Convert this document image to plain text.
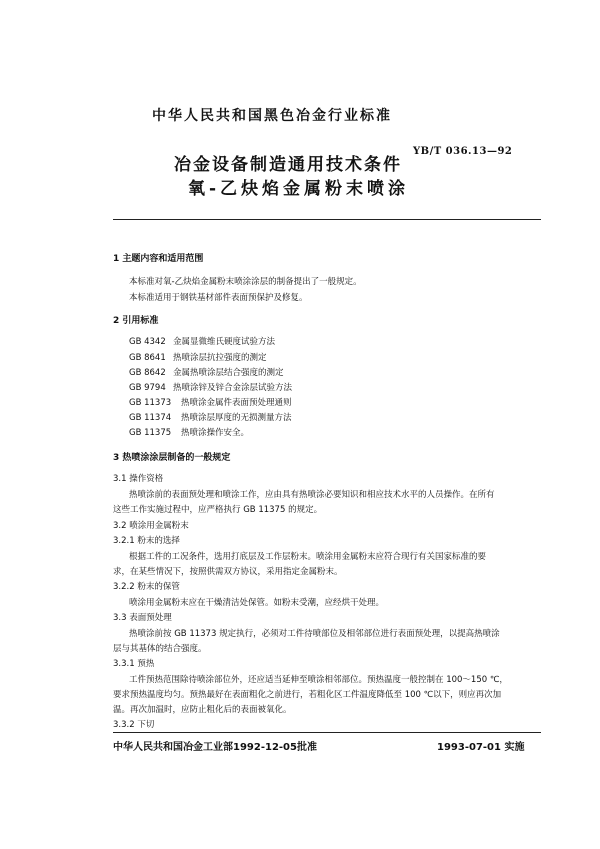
中华人民共和国黑色冶金行业标准
冶金设备制造通用技术条件
氧-乙炔焰金属粉末喷涂
YB/T 036.13—92
1 主题内容和适用范围
本标准对氧-乙炔焰金属粉末喷涂涂层的制备提出了一般规定。
本标准适用于钢铁基材部件表面预保护及修复。
2 引用标准
GB 4342 金属显微维氏硬度试验方法
GB 8641 热喷涂层抗拉强度的测定
GB 8642 金属热喷涂层结合强度的测定
GB 9794 热喷涂锌及锌合金涂层试验方法
GB 11373 热喷涂金属件表面预处理通则
GB 11374 热喷涂层厚度的无损测量方法
GB 11375 热喷涂操作安全。
3 热喷涂涂层制备的一般规定
3.1 操作资格
热喷涂前的表面预处理和喷涂工作，应由具有热喷涂必要知识和相应技术水平的人员操作。在所有
这些工作实施过程中，应严格执行 GB 11375 的规定。
3.2 喷涂用金属粉末
3.2.1 粉末的选择
根据工件的工况条件，选用打底层及工作层粉末。喷涂用金属粉末应符合现行有关国家标准的要
求，在某些情况下，按照供需双方协议，采用指定金属粉末。
3.2.2 粉末的保管
喷涂用金属粉末应在干燥清洁处保管。如粉末受潮，应经烘干处理。
3.3 表面预处理
热喷涂前按 GB 11373 规定执行，必须对工件待喷部位及相邻部位进行表面预处理，以提高热喷涂
层与其基体的结合强度。
3.3.1 预热
工件预热范围除待喷涂部位外，还应适当延伸至喷涂相邻部位。预热温度一般控制在 100～150 ℃，
要求预热温度均匀。预热最好在表面粗化之前进行，若粗化区工件温度降低至 100 ℃以下，则应再次加
温。再次加温时，应防止粗化后的表面被氧化。
3.3.2 下切
中华人民共和国冶金工业部1992-12-05批准	1993-07-01 实施
